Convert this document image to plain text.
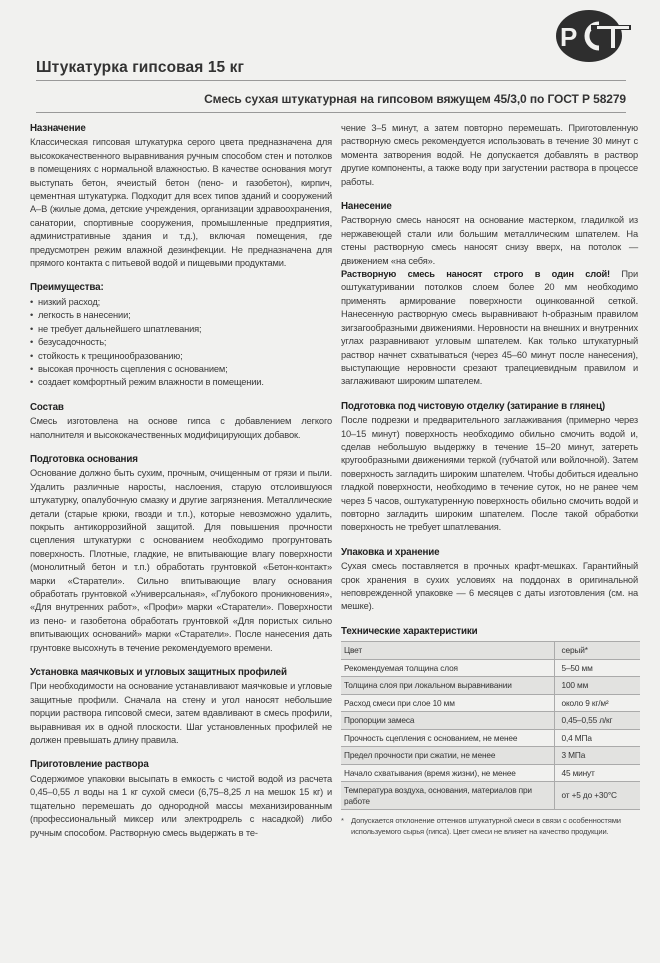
Р
Штукатурка гипсовая 15 кг
Смесь сухая штукатурная на гипсовом вяжущем 45/3,0 по ГОСТ Р 58279
Назначение
Классическая гипсовая штукатурка серого цвета предназначена для высококачественного выравнивания ручным способом стен и потолков в помещениях с нормальной влажностью. В качестве основания могут выступать бетон, ячеистый бетон (пено- и газобетон), кирпич, цементная штукатурка. Подходит для всех типов зданий и сооружений А–В (жилые дома, детские учреждения, организации здравоохранения, санатории, спортивные сооружения, промышленные предприятия, административные здания и т.д.), включая помещения, где предусмотрен режим влажной дезинфекции. Не предназначена для прямого контакта с питьевой водой и пищевыми продуктами.
Преимущества:
• низкий расход;
• легкость в нанесении;
• не требует дальнейшего шпатлевания;
• безусадочность;
• стойкость к трещинообразованию;
• высокая прочность сцепления с основанием;
• создает комфортный режим влажности в помещении.
Состав
Смесь изготовлена на основе гипса с добавлением легкого наполнителя и высококачественных модифицирующих добавок.
Подготовка основания
Основание должно быть сухим, прочным, очищенным от грязи и пыли. Удалить различные наросты, наслоения, старую отслоившуюся штукатурку, опалубочную смазку и другие загрязнения. Металлические детали (старые крюки, гвозди и т.п.), которые невозможно удалить, покрыть антикоррозийной защитой. Для повышения прочности сцепления штукатурки с основанием необходимо прогрунтовать поверхность. Плотные, гладкие, не впитывающие влагу поверхности (монолитный бетон и т.п.) обработать грунтовкой «Бетон-контакт» марки «Старатели». Сильно впитывающие влагу основания обработать грунтовкой «Универсальная», «Глубокого проникновения», «Для внутренних работ», «Профи» марки «Старатели». Поверхности из пено- и газобетона обработать грунтовкой «Для пористых сильно впитывающих оснований» марки «Старатели». После нанесения дать грунтовке высохнуть в течение рекомендуемого времени.
Установка маячковых и угловых защитных профилей
При необходимости на основание устанавливают маячковые и угловые защитные профили. Сначала на стену и угол наносят небольшие порции раствора гипсовой смеси, затем вдавливают в смесь профили, выравнивая их в одной плоскости. Шаг установленных профилей не должен превышать длину правила.
Приготовление раствора
Содержимое упаковки высыпать в емкость с чистой водой из расчета 0,45–0,55 л воды на 1 кг сухой смеси (6,75–8,25 л на мешок 15 кг) и тщательно перемешать до однородной массы механизированным (профессиональный миксер или электродрель с насадкой) либо ручным способом. Растворную смесь выдержать в те-
чение 3–5 минут, а затем повторно перемешать. Приготовленную растворную смесь рекомендуется использовать в течение 30 минут с момента затворения водой. Не допускается добавлять в раствор другие компоненты, а также воду при загустении раствора в процессе работы.
Нанесение
Растворную смесь наносят на основание мастерком, гладилкой из нержавеющей стали или большим металлическим шпателем. На стены растворную смесь наносят снизу вверх, на потолок — движением «на себя».
Растворную смесь наносят строго в один слой! При оштукатуривании потолков слоем более 20 мм необходимо применять армирование поверхности оцинкованной сеткой. Нанесенную растворную смесь выравнивают h-образным правилом зигзагообразными движениями. Неровности на внешних и внутренних углах разравнивают угловым шпателем. Как только штукатурный раствор начнет схватываться (через 45–60 минут после нанесения), выступающие неровности срезают трапециевидным правилом и заглаживают широким шпателем.
Подготовка под чистовую отделку (затирание в глянец)
После подрезки и предварительного заглаживания (примерно через 10–15 минут) поверхность необходимо обильно смочить водой и, сделав небольшую выдержку в течение 15–20 минут, затереть кругообразными движениями теркой (губчатой или войлочной). Затем поверхность загладить широким шпателем. Чтобы добиться идеально гладкой поверхности, необходимо в течение суток, но не ранее чем через 5 часов, оштукатуренную поверхность обильно смочить водой и повторно загладить широким шпателем. После такой обработки поверхность не требует шпатлевания.
Упаковка и хранение
Сухая смесь поставляется в прочных крафт-мешках. Гарантийный срок хранения в сухих условиях на поддонах в оригинальной неповрежденной упаковке — 6 месяцев с даты изготовления (см. на мешке).
Технические характеристики
Цвет	серый*
Рекомендуемая толщина слоя	5–50 мм
Толщина слоя при локальном выравнивании	100 мм
Расход смеси при слое 10 мм	около 9 кг/м²
Пропорции замеса	0,45–0,55 л/кг
Прочность сцепления с основанием, не менее	0,4 МПа
Предел прочности при сжатии, не менее	3 МПа
Начало схватывания (время жизни), не менее	45 минут
Температура воздуха, основания, материалов при работе	от +5 до +30°С
* Допускается отклонение оттенков штукатурной смеси в связи с особенностями используемого сырья (гипса). Цвет смеси не влияет на качество продукции.
